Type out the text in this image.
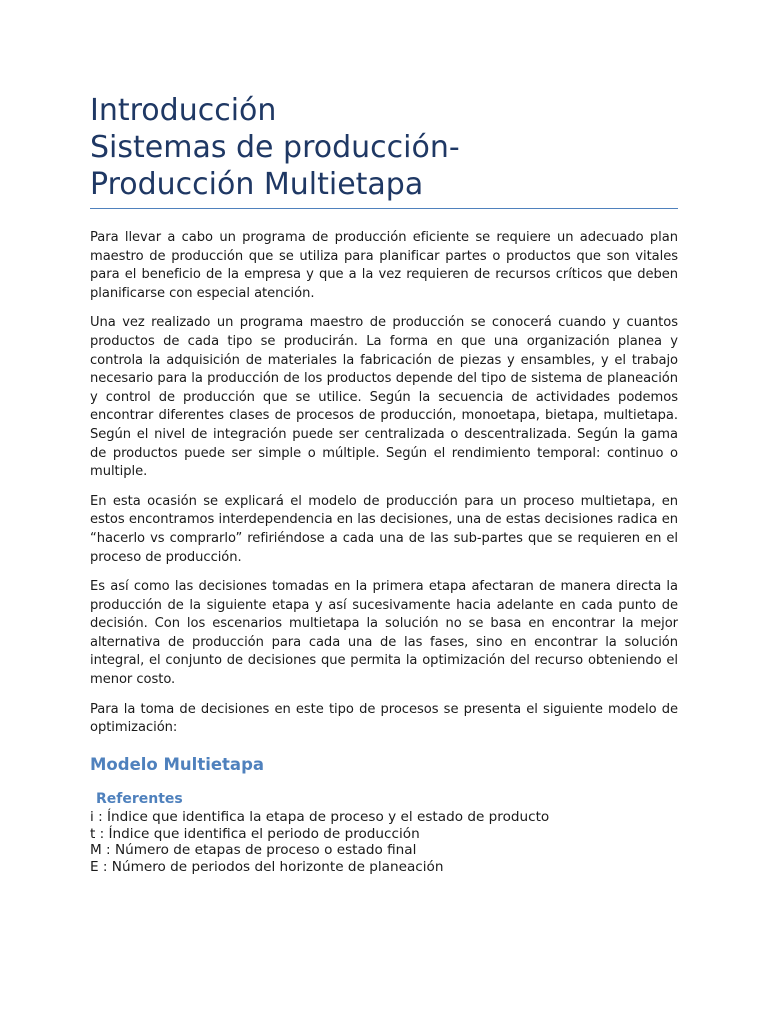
Introducción
Sistemas de producción-
Producción Multietapa

Para llevar a cabo un programa de producción eficiente se requiere un adecuado plan maestro de producción que se utiliza para planificar partes o productos que son vitales para el beneficio de la empresa y que a la vez requieren de recursos críticos que deben planificarse con especial atención.

Una vez realizado un programa maestro de producción se conocerá cuando y cuantos productos de cada tipo se producirán. La forma en que una organización planea y controla la adquisición de materiales la fabricación de piezas y ensambles, y el trabajo necesario para la producción de los productos depende del tipo de sistema de planeación y control de producción que se utilice. Según la secuencia de actividades podemos encontrar diferentes clases de procesos de producción, monoetapa, bietapa, multietapa. Según el nivel de integración puede ser centralizada o descentralizada. Según la gama de productos puede ser simple o múltiple. Según el rendimiento temporal: continuo o multiple.

En esta ocasión se explicará el modelo de producción para un proceso multietapa, en estos encontramos interdependencia en las decisiones, una de estas decisiones radica en “hacerlo vs comprarlo” refiriéndose a cada una de las sub-partes que se requieren en el proceso de producción.

Es así como las decisiones tomadas en la primera etapa afectaran de manera directa la producción de la siguiente etapa y así sucesivamente hacia adelante en cada punto de decisión. Con los escenarios multietapa la solución no se basa en encontrar la mejor alternativa de producción para cada una de las fases, sino en encontrar la solución integral, el conjunto de decisiones que permita la optimización del recurso obteniendo el menor costo.

Para la toma de decisiones en este tipo de procesos se presenta el siguiente modelo de optimización:

Modelo Multietapa
Referentes
i : Índice que identifica la etapa de proceso y el estado de producto
t : Índice que identifica el periodo de producción
M : Número de etapas de proceso o estado final
E : Número de periodos del horizonte de planeación
